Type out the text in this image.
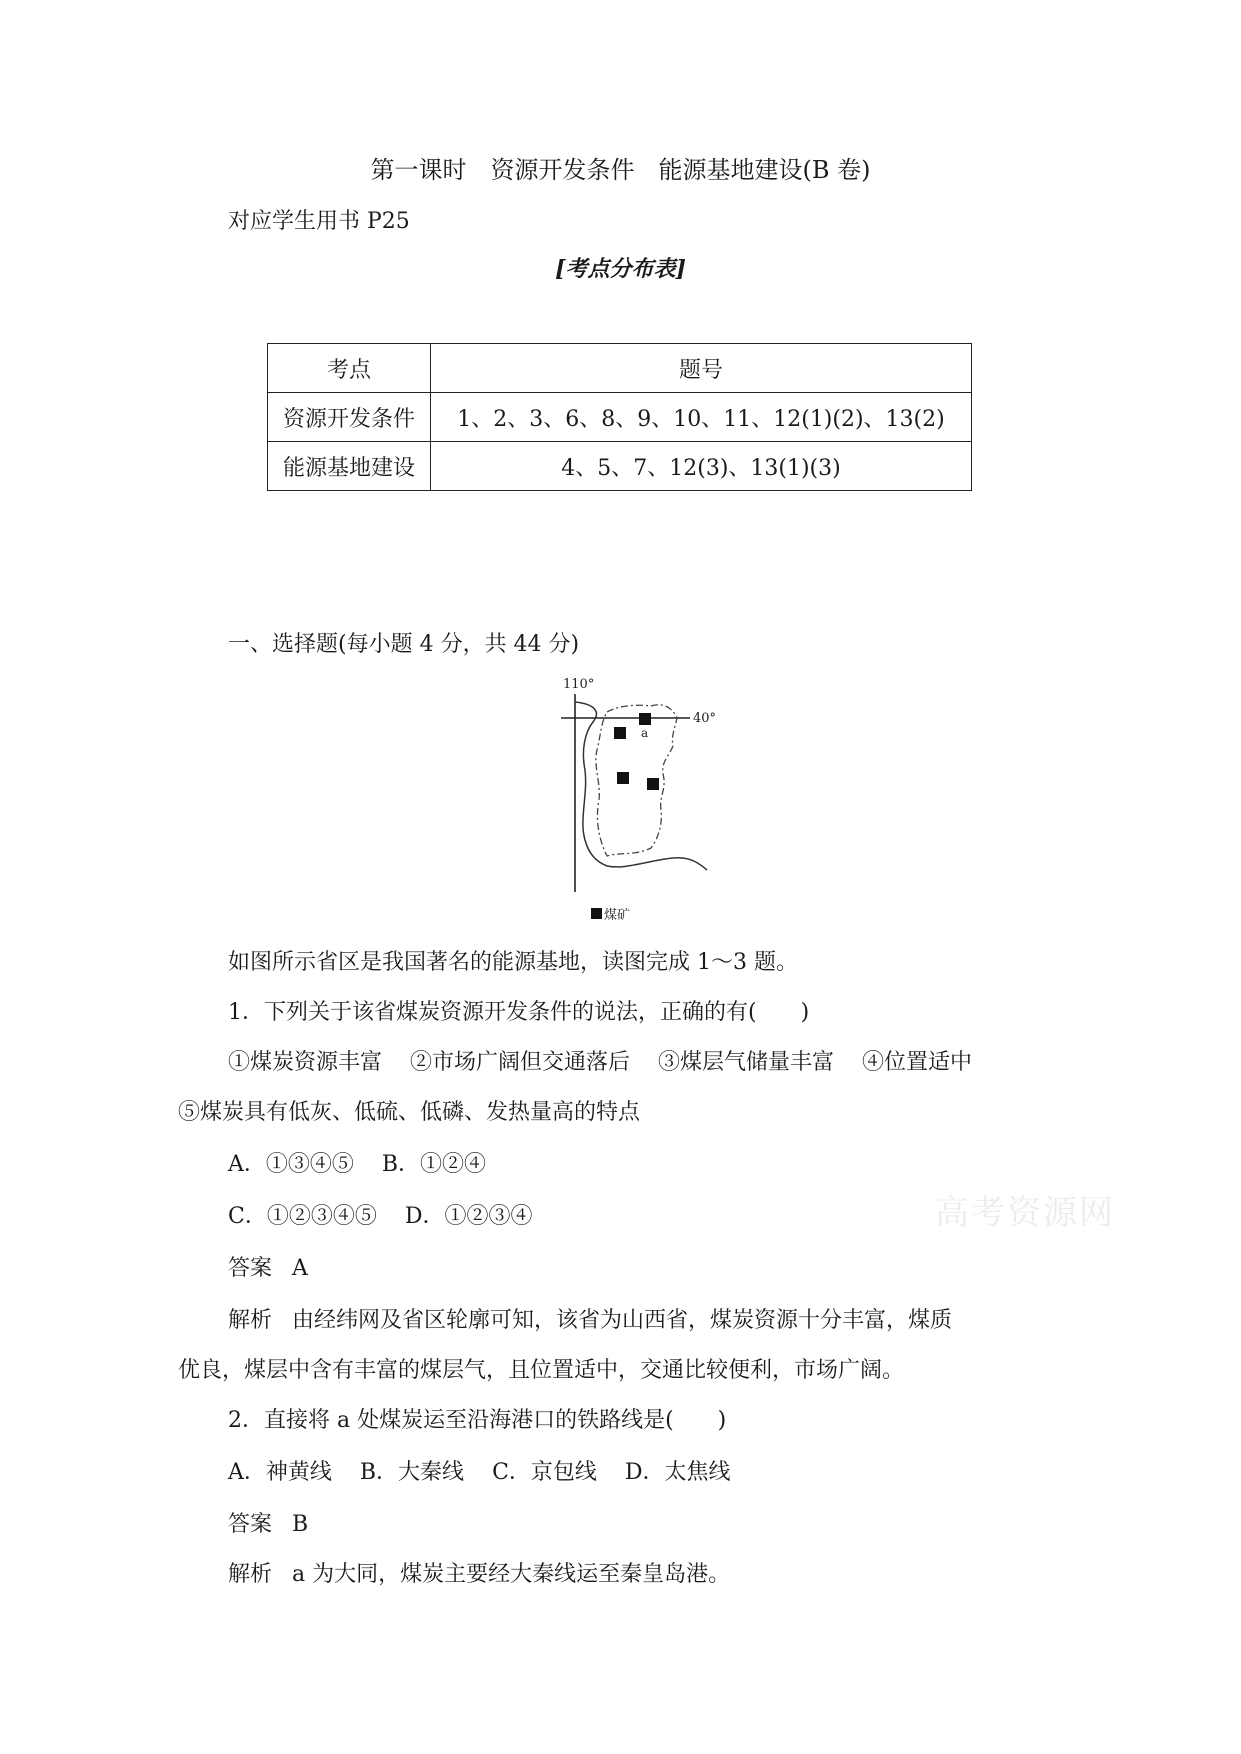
第一课时　资源开发条件　能源基地建设(B 卷)
对应学生用书 P25
[考点分布表]
考点	题号
资源开发条件	1、2、3、6、8、9、10、11、12(1)(2)、13(2)
能源基地建设	4、5、7、12(3)、13(1)(3)
一、选择题(每小题 4 分，共 44 分)
110°
40°
a
煤矿
如图所示省区是我国著名的能源基地，读图完成 1～3 题。
1．下列关于该省煤炭资源开发条件的说法，正确的有(　　)
①煤炭资源丰富 ②市场广阔但交通落后 ③煤层气储量丰富 ④位置适中
⑤煤炭具有低灰、低硫、低磷、发热量高的特点
A．①③④⑤ B．①②④
C．①②③④⑤ D．①②③④
答案 A
解析 由经纬网及省区轮廓可知，该省为山西省，煤炭资源十分丰富，煤质
优良，煤层中含有丰富的煤层气，且位置适中，交通比较便利，市场广阔。
2．直接将 a 处煤炭运至沿海港口的铁路线是(　　)
A．神黄线 B．大秦线 C．京包线 D．太焦线
答案 B
解析 a 为大同，煤炭主要经大秦线运至秦皇岛港。
高考资源网
